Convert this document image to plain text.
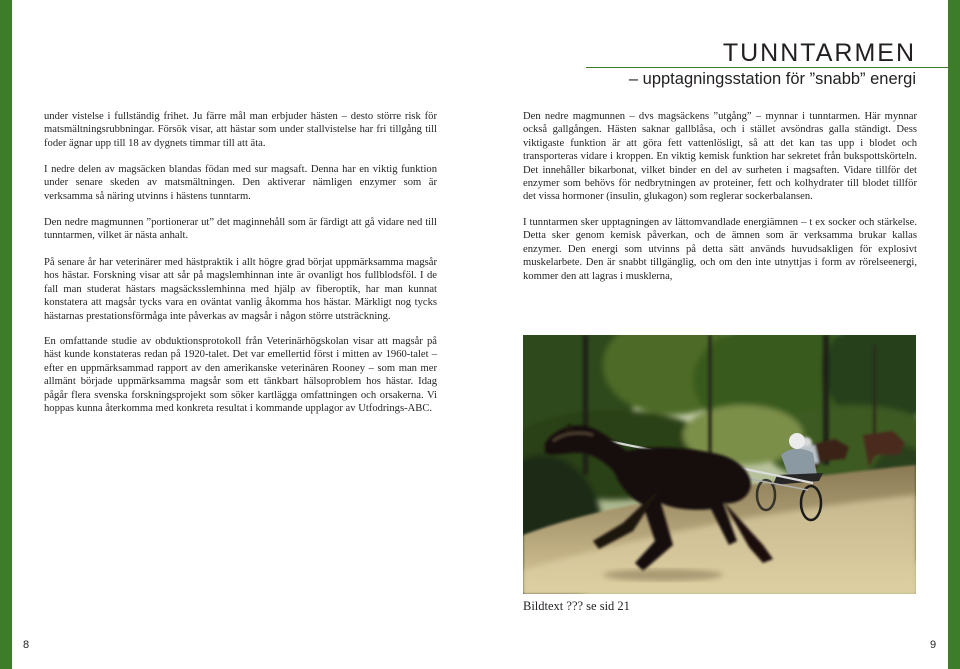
under vistelse i fullständig frihet. Ju färre mål man erbjuder hästen – desto större risk för matsmältningsrubbningar. Försök visar, att hästar som under stallvistelse har fri tillgång till foder ägnar upp till 18 av dygnets timmar till att äta.

I nedre delen av magsäcken blandas födan med sur magsaft. Denna har en viktig funktion under senare skeden av matsmältningen. Den aktiverar nämligen enzymer som är verksamma så näring utvinns i hästens tunntarm.

Den nedre magmunnen ”portionerar ut” det maginnehåll som är färdigt att gå vidare ned till tunntarmen, vilket är nästa anhalt.

På senare år har veterinärer med hästpraktik i allt högre grad börjat uppmärksamma magsår hos hästar. Forskning visar att sår på magslemhinnan inte är ovanligt hos fullblodsföl. I de fall man studerat hästars magsäcksslemhinna med hjälp av fiberoptik, har man kunnat konstatera att magsår tycks vara en oväntat vanlig åkomma hos hästar. Märkligt nog tycks hästarnas prestationsförmåga inte påverkas av magsår i någon större utsträckning.

En omfattande studie av obduktionsprotokoll från Veterinärhögskolan visar att magsår på häst kunde konstateras redan på 1920-talet. Det var emellertid först i mitten av 1960-talet – efter en uppmärksammad rapport av den amerikanske veterinären Rooney – som man mer allmänt började uppmärksamma magsår som ett tänkbart hälsoproblem hos hästar. Idag pågår flera svenska forskningsprojekt som söker kartlägga omfattningen och orsakerna. Vi hoppas kunna återkomma med konkreta resultat i kommande upplagor av Utfodrings-ABC.

TUNNTARMEN
– upptagningsstation för ”snabb” energi

Den nedre magmunnen – dvs magsäckens ”utgång” – mynnar i tunntarmen. Här mynnar också gallgången. Hästen saknar gallblåsa, och i stället avsöndras galla ständigt. Dess viktigaste funktion är att göra fett vattenlösligt, så att det kan tas upp i blodet och transporteras vidare i kroppen. En viktig kemisk funktion har sekretet från bukspottskörteln. Det innehåller bikarbonat, vilket binder en del av surheten i magsaften. Vidare tillför det enzymer som behövs för nedbrytningen av proteiner, fett och kolhydrater till blodet tillför det vissa hormoner (insulin, glukagon) som reglerar sockerbalansen.

I tunntarmen sker upptagningen av lättomvandlade energiämnen – t ex socker och stärkelse. Detta sker genom kemisk påverkan, och de ämnen som är verksamma brukar kallas enzymer. Den energi som utvinns på detta sätt används huvudsakligen för explosivt muskelarbete. Den är snabbt tillgänglig, och om den inte utnyttjas i form av rörelseenergi, kommer den att lagras i musklerna,

Bildtext ??? se sid 21

8	9
